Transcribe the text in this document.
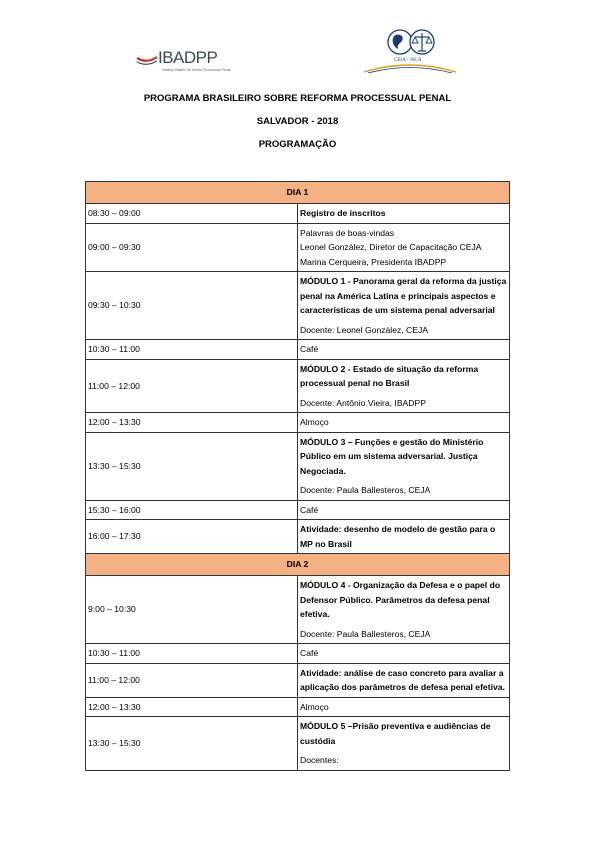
IBADPP
Instituto Baiano de Direito Processual Penal
CEJA - JSCA
PROGRAMA BRASILEIRO SOBRE REFORMA PROCESSUAL PENAL
SALVADOR - 2018
PROGRAMAÇÃO
DIA 1	
08:30 – 09:00	Registro de inscritos

09:00 – 09:30	Palavras de boas-vindas
Leonel González, Diretor de Capacitação CEJA
Marina Cerqueira, Presidenta IBADPP

09:30 – 10:30	MÓDULO 1 - Panorama geral da reforma da justiça penal na América Latina e principais aspectos e características de um sistema penal adversarial
Docente: Leonel González, CEJA

10:30 – 11:00	Café

11:00 – 12:00	MÓDULO 2 - Estado de situação da reforma processual penal no Brasil
Docente: Antônio Vieira, IBADPP

12:00 – 13:30	Almoço

13:30 – 15:30	MÓDULO 3 – Funções e gestão do Ministério Público em um sistema adversarial. Justiça Negociada.
Docente: Paula Ballesteros, CEJA

15:30 – 16:00	Café

16:00 – 17:30	Atividade: desenho de modelo de gestão para o MP no Brasil

DIA 2	
9:00 – 10:30	MÓDULO 4 - Organização da Defesa e o papel do Defensor Público. Parâmetros da defesa penal efetiva.
Docente: Paula Ballesteros, CEJA

10:30 – 11:00	Café

11:00 – 12:00	Atividade: análise de caso concreto para avaliar a aplicação dos parâmetros de defesa penal efetiva.

12:00 – 13:30	Almoço

13:30 – 15:30	MÓDULO 5 –Prisão preventiva e audiências de custódia
Docentes:
